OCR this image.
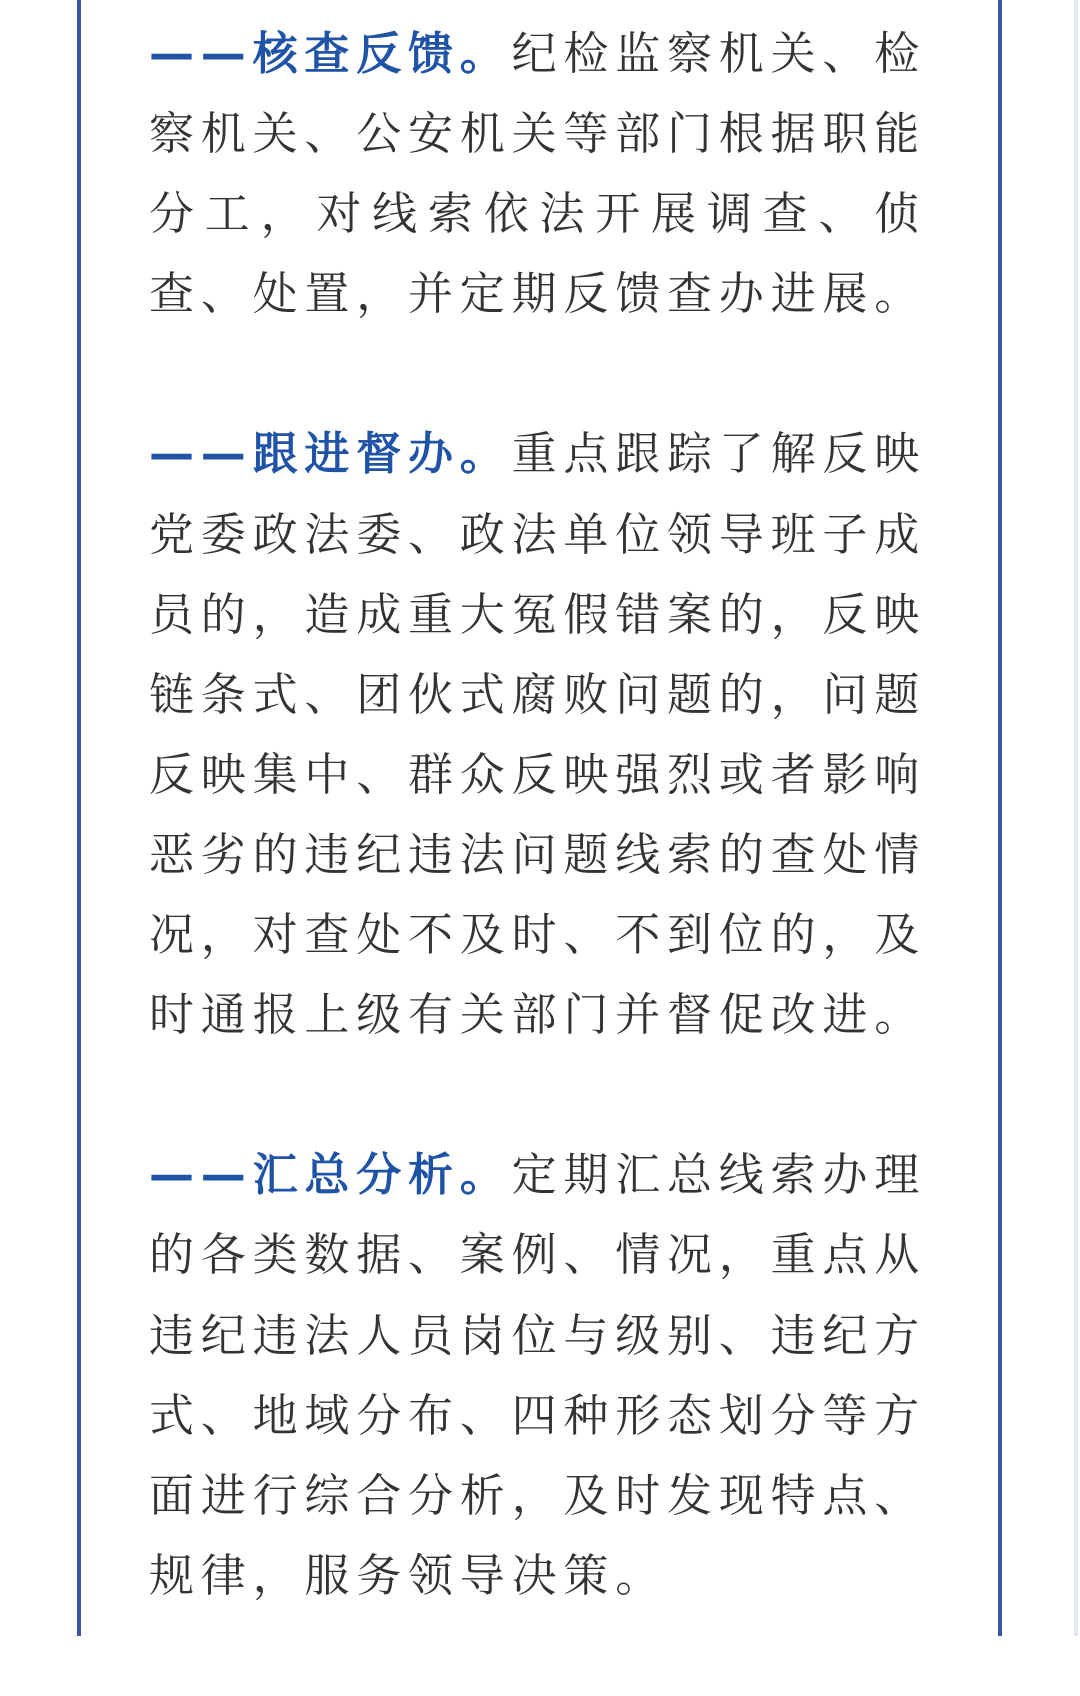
——核查反馈。纪检监察机关、检
察机关、公安机关等部门根据职能
分工，对线索依法开展调查、侦
查、处置，并定期反馈查办进展。
——跟进督办。重点跟踪了解反映
党委政法委、政法单位领导班子成
员的，造成重大冤假错案的，反映
链条式、团伙式腐败问题的，问题
反映集中、群众反映强烈或者影响
恶劣的违纪违法问题线索的查处情
况，对查处不及时、不到位的，及
时通报上级有关部门并督促改进。
——汇总分析。定期汇总线索办理
的各类数据、案例、情况，重点从
违纪违法人员岗位与级别、违纪方
式、地域分布、四种形态划分等方
面进行综合分析，及时发现特点、
规律，服务领导决策。
